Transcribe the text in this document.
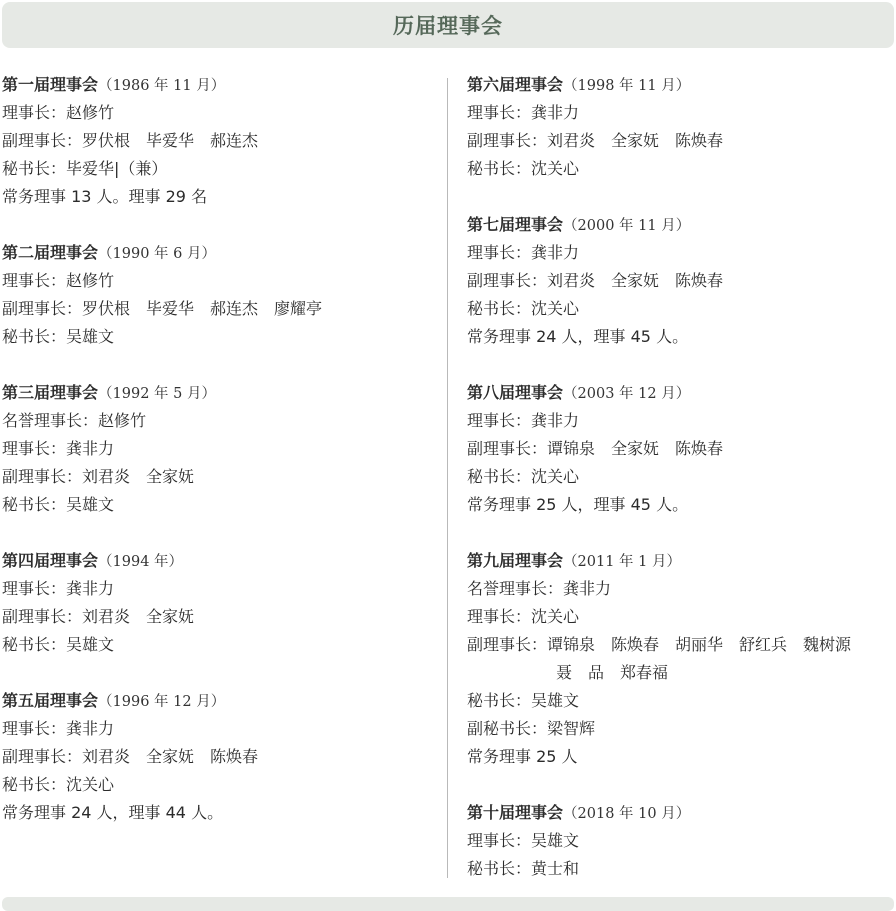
历届理事会
第一届理事会（1986 年 11 月）
理事长：赵修竹
副理事长：罗伏根　毕爱华　郝连杰
秘书长：毕爱华|（兼）
常务理事 13 人。理事 29 名
第二届理事会（1990 年 6 月）
理事长：赵修竹
副理事长：罗伏根　毕爱华　郝连杰　廖耀亭
秘书长：吴雄文
第三届理事会（1992 年 5 月）
名誉理事长：赵修竹
理事长：龚非力
副理事长：刘君炎　全家妩
秘书长：吴雄文
第四届理事会（1994 年）
理事长：龚非力
副理事长：刘君炎　全家妩
秘书长：吴雄文
第五届理事会（1996 年 12 月）
理事长：龚非力
副理事长：刘君炎　全家妩　陈焕春
秘书长：沈关心
常务理事 24 人，理事 44 人。
第六届理事会（1998 年 11 月）
理事长：龚非力
副理事长：刘君炎　全家妩　陈焕春
秘书长：沈关心
第七届理事会（2000 年 11 月）
理事长：龚非力
副理事长：刘君炎　全家妩　陈焕春
秘书长：沈关心
常务理事 24 人，理事 45 人。
第八届理事会（2003 年 12 月）
理事长：龚非力
副理事长：谭锦泉　全家妩　陈焕春
秘书长：沈关心
常务理事 25 人，理事 45 人。
第九届理事会（2011 年 1 月）
名誉理事长：龚非力
理事长：沈关心
副理事长：谭锦泉　陈焕春　胡丽华　舒红兵　魏树源
聂　品　郑春福
秘书长：吴雄文
副秘书长：梁智辉
常务理事 25 人
第十届理事会（2018 年 10 月）
理事长：吴雄文
秘书长：黄士和
